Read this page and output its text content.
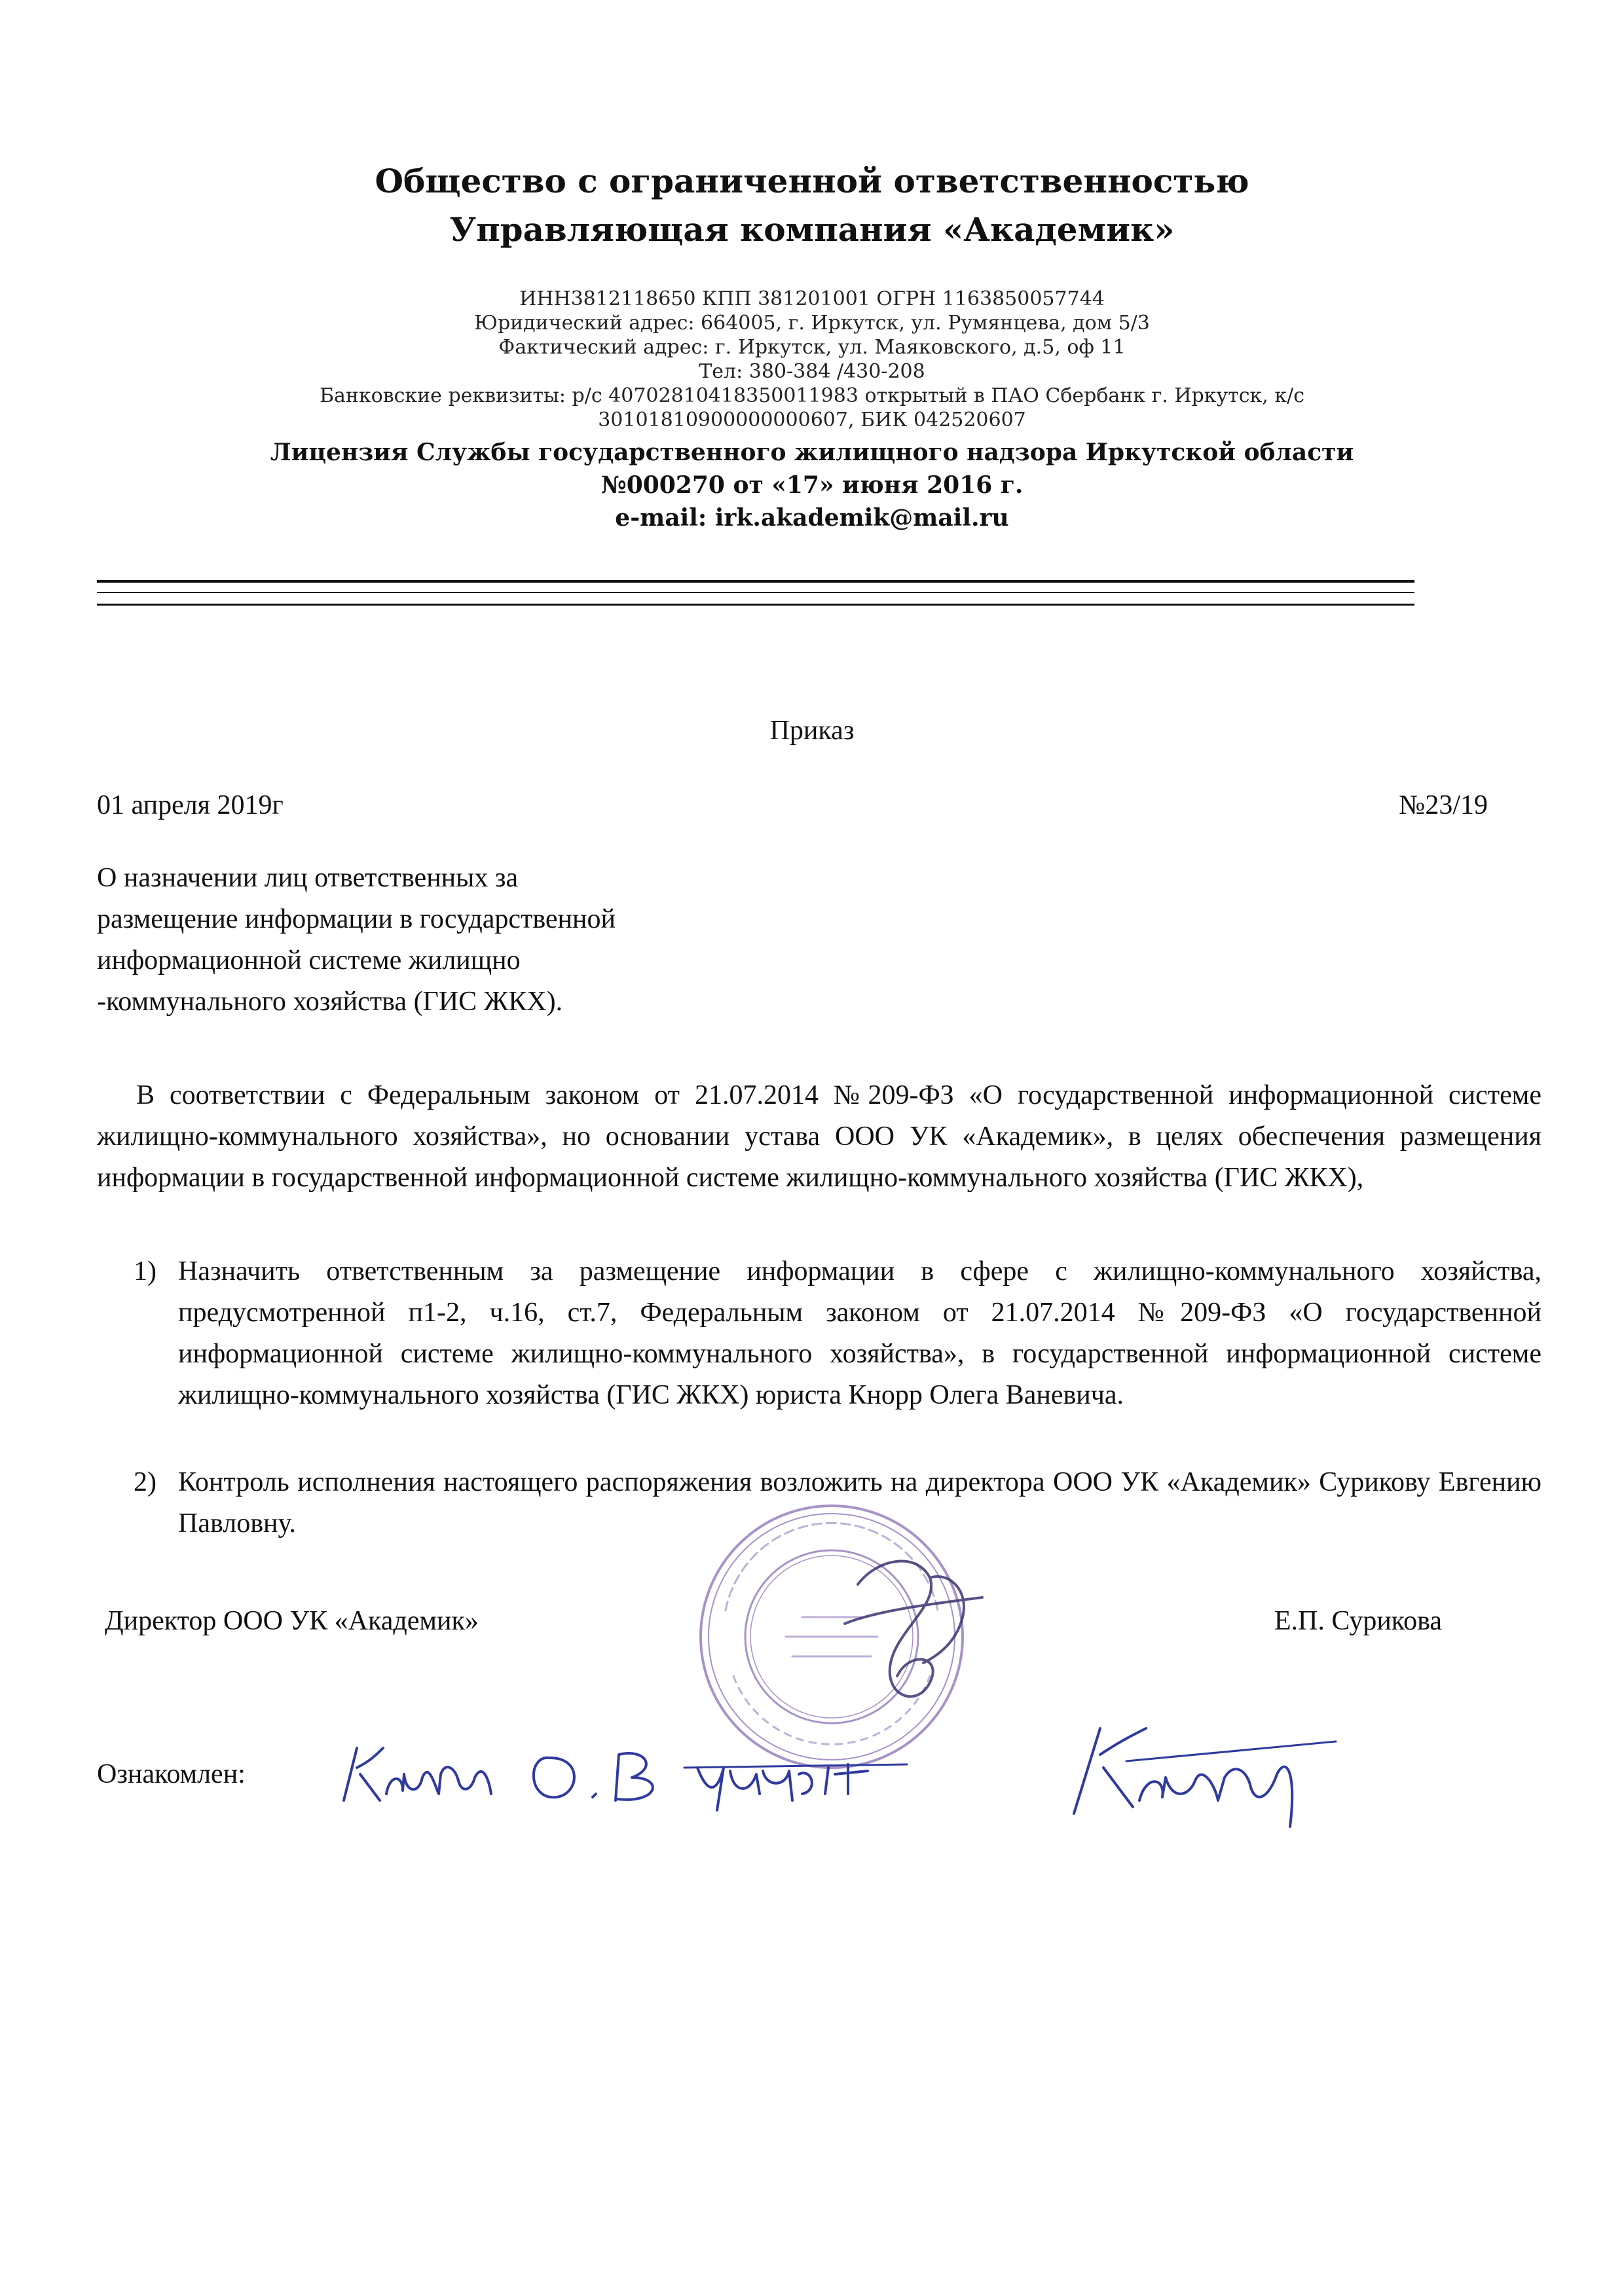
Общество с ограниченной ответственностью
Управляющая компания «Академик»
ИНН3812118650 КПП 381201001 ОГРН 1163850057744
Юридический адрес: 664005, г. Иркутск, ул. Румянцева, дом 5/3
Фактический адрес: г. Иркутск, ул. Маяковского, д.5, оф 11
Тел: 380-384 /430-208
Банковские реквизиты: р/с 40702810418350011983 открытый в ПАО Сбербанк г. Иркутск, к/с
30101810900000000607, БИК 042520607
Лицензия Службы государственного жилищного надзора Иркутской области
№000270 от «17» июня 2016 г.
e-mail: irk.akademik@mail.ru
Приказ
01 апреля 2019г	№23/19
О назначении лиц ответственных за
размещение информации в государственной
информационной системе жилищно
-коммунального хозяйства (ГИС ЖКХ).
В соответствии с Федеральным законом от 21.07.2014 №209-ФЗ «О государственной информационной системе жилищно-коммунального хозяйства», но основании устава ООО УК «Академик», в целях обеспечения размещения информации в государственной информационной системе жилищно-коммунального хозяйства (ГИС ЖКХ),
1) Назначить ответственным за размещение информации в сфере с жилищно-коммунального хозяйства, предусмотренной п1-2, ч.16, ст.7, Федеральным законом от 21.07.2014 №209-ФЗ «О государственной информационной системе жилищно-коммунального хозяйства», в государственной информационной системе жилищно-коммунального хозяйства (ГИС ЖКХ) юриста Кнорр Олега Ваневича.
2) Контроль исполнения настоящего распоряжения возложить на директора ООО УК «Академик» Сурикову Евгению Павловну.
Директор ООО УК «Академик»	Е.П. Сурикова
Ознакомлен:
